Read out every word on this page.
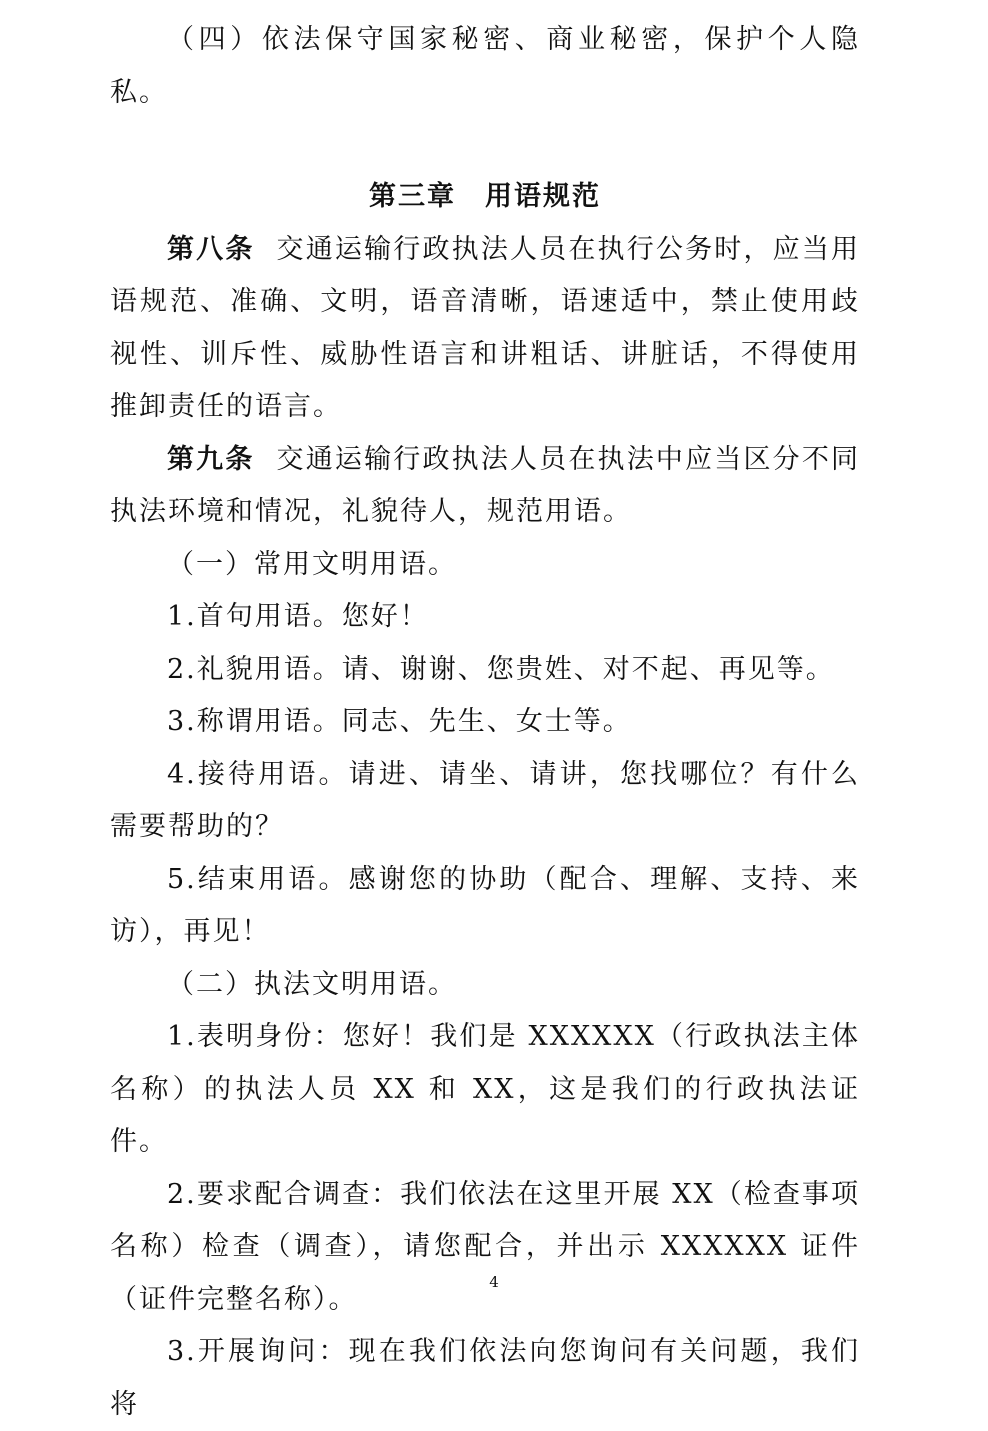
（四）依法保守国家秘密、商业秘密，保护个人隐私。

第三章　用语规范

第八条 交通运输行政执法人员在执行公务时，应当用语规范、准确、文明，语音清晰，语速适中，禁止使用歧视性、训斥性、威胁性语言和讲粗话、讲脏话，不得使用推卸责任的语言。

第九条 交通运输行政执法人员在执法中应当区分不同执法环境和情况，礼貌待人，规范用语。

（一）常用文明用语。

1.首句用语。您好！

2.礼貌用语。请、谢谢、您贵姓、对不起、再见等。

3.称谓用语。同志、先生、女士等。

4.接待用语。请进、请坐、请讲，您找哪位？有什么需要帮助的？

5.结束用语。感谢您的协助（配合、理解、支持、来访），再见！

（二）执法文明用语。

1.表明身份：您好！我们是 XXXXXX（行政执法主体名称）的执法人员 XX 和 XX，这是我们的行政执法证件。

2.要求配合调查：我们依法在这里开展 XX（检查事项名称）检查（调查），请您配合，并出示 XXXXXX 证件（证件完整名称）。

3.开展询问：现在我们依法向您询问有关问题，我们将

4
